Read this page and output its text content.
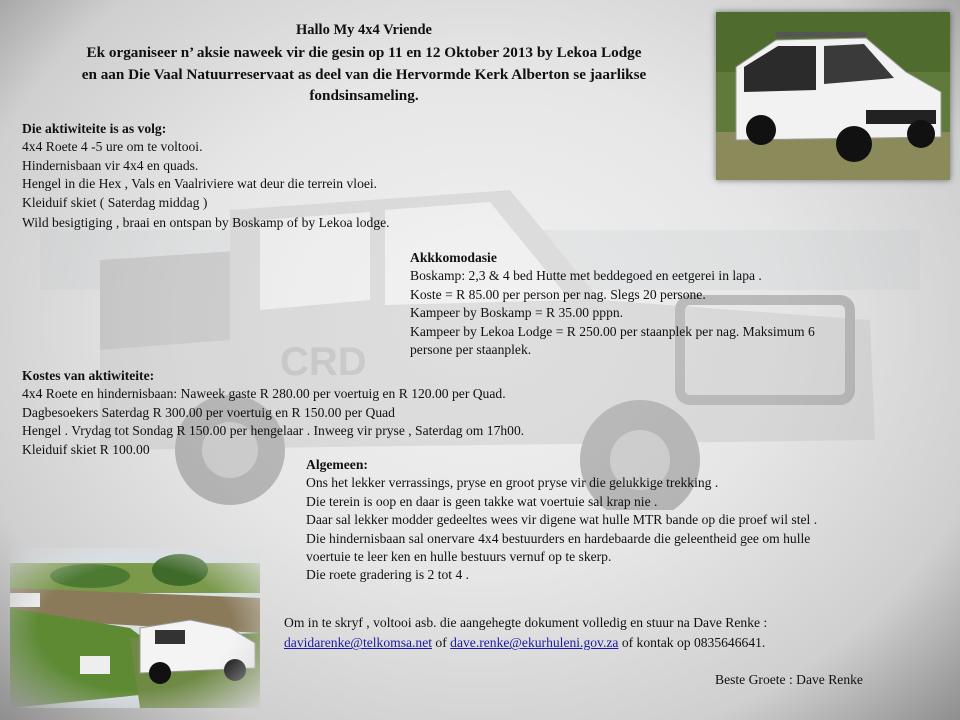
CRD
Hallo My 4x4 Vriende
Ek organiseer n’ aksie naweek vir die gesin op 11 en 12 Oktober 2013 by Lekoa Lodge
en aan Die Vaal Natuurreservaat as deel van die Hervormde Kerk Alberton se jaarlikse
fondsinsameling.
Die aktiwiteite is as volg:
4x4 Roete 4 -5 ure om te voltooi.
Hindernisbaan vir 4x4 en quads.
Hengel in die Hex , Vals en Vaalriviere wat deur die terrein vloei.
Kleiduif skiet ( Saterdag middag )
Wild besigtiging , braai en ontspan by Boskamp of by Lekoa lodge.
Akkkomodasie
Boskamp: 2,3 & 4 bed Hutte met beddegoed en eetgerei in lapa .
Koste = R 85.00 per person per nag. Slegs 20 persone.
Kampeer by Boskamp = R 35.00 pppn.
Kampeer by Lekoa Lodge = R 250.00 per staanplek per nag. Maksimum 6
persone per staanplek.
Kostes van aktiwiteite:
4x4 Roete en hindernisbaan: Naweek gaste R 280.00 per voertuig en R 120.00 per Quad.
Dagbesoekers Saterdag R 300.00 per voertuig en R 150.00 per Quad
Hengel . Vrydag tot Sondag R 150.00 per hengelaar . Inweeg vir pryse , Saterdag om 17h00.
Kleiduif skiet R 100.00
Algemeen:
Ons het lekker verrassings, pryse en groot pryse vir die gelukkige trekking .
Die terein is oop en daar is geen takke wat voertuie sal krap nie .
Daar sal lekker modder gedeeltes wees vir digene wat hulle MTR bande op die proef wil stel .
Die hindernisbaan sal onervare 4x4 bestuurders en hardebaarde die geleentheid gee om hulle
voertuie te leer ken en hulle bestuurs vernuf op te skerp.
Die roete gradering is 2 tot 4 .
Om in te skryf , voltooi asb. die aangehegte dokument volledig en stuur na Dave Renke :
davidarenke@telkomsa.net of dave.renke@ekurhuleni.gov.za of kontak op 0835646641.
Beste Groete : Dave Renke
